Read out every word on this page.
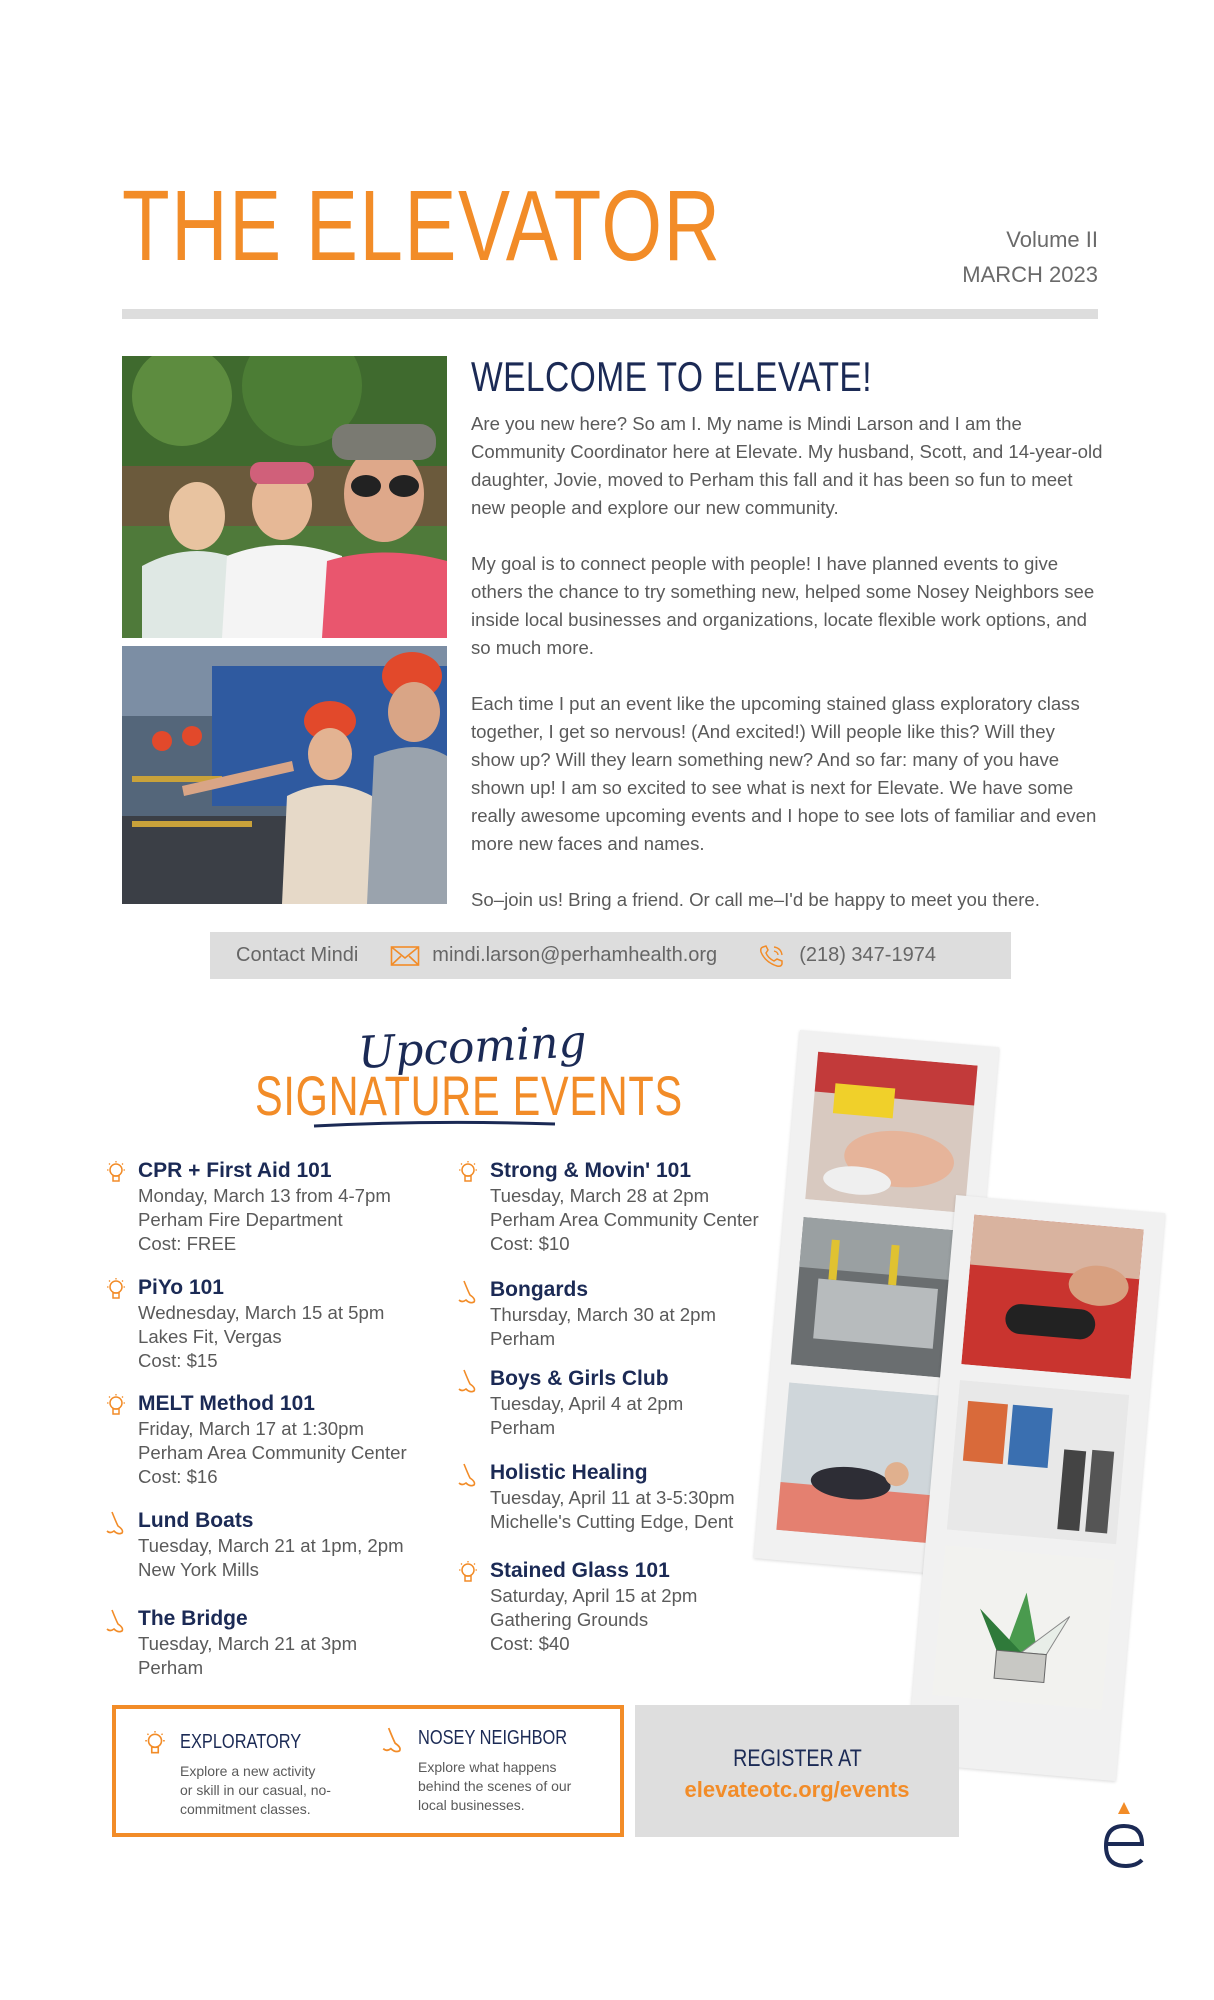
THE ELEVATOR	Volume II
MARCH 2023
WELCOME TO ELEVATE!

Are you new here? So am I. My name is Mindi Larson and I am the Community Coordinator here at Elevate. My husband, Scott, and 14-year-old daughter, Jovie, moved to Perham this fall and it has been so fun to meet new people and explore our new community.

My goal is to connect people with people! I have planned events to give others the chance to try something new, helped some Nosey Neighbors see inside local businesses and organizations, locate flexible work options, and so much more.

Each time I put an event like the upcoming stained glass exploratory class together, I get so nervous! (And excited!) Will people like this? Will they show up? Will they learn something new? And so far: many of you have shown up! I am so excited to see what is next for Elevate. We have some really awesome upcoming events and I hope to see lots of familiar and even more new faces and names.

So–join us! Bring a friend. Or call me–I'd be happy to meet you there.

Contact Mindi	mindi.larson@perhamhealth.org	(218) 347-1974
Upcoming
SIGNATURE EVENTS
CPR + First Aid 101
Monday, March 13 from 4-7pm
Perham Fire Department
Cost: FREE
PiYo 101
Wednesday, March 15 at 5pm
Lakes Fit, Vergas
Cost: $15
MELT Method 101
Friday, March 17 at 1:30pm
Perham Area Community Center
Cost: $16
Lund Boats
Tuesday, March 21 at 1pm, 2pm
New York Mills
The Bridge
Tuesday, March 21 at 3pm
Perham
Strong & Movin' 101
Tuesday, March 28 at 2pm
Perham Area Community Center
Cost: $10
Bongards
Thursday, March 30 at 2pm
Perham
Boys & Girls Club
Tuesday, April 4 at 2pm
Perham
Holistic Healing
Tuesday, April 11 at 3-5:30pm
Michelle's Cutting Edge, Dent
Stained Glass 101
Saturday, April 15 at 2pm
Gathering Grounds
Cost: $40
EXPLORATORY
Explore a new activity
or skill in our casual, no-
commitment classes.
NOSEY NEIGHBOR
Explore what happens
behind the scenes of our
local businesses.
REGISTER AT
elevateotc.org/events
